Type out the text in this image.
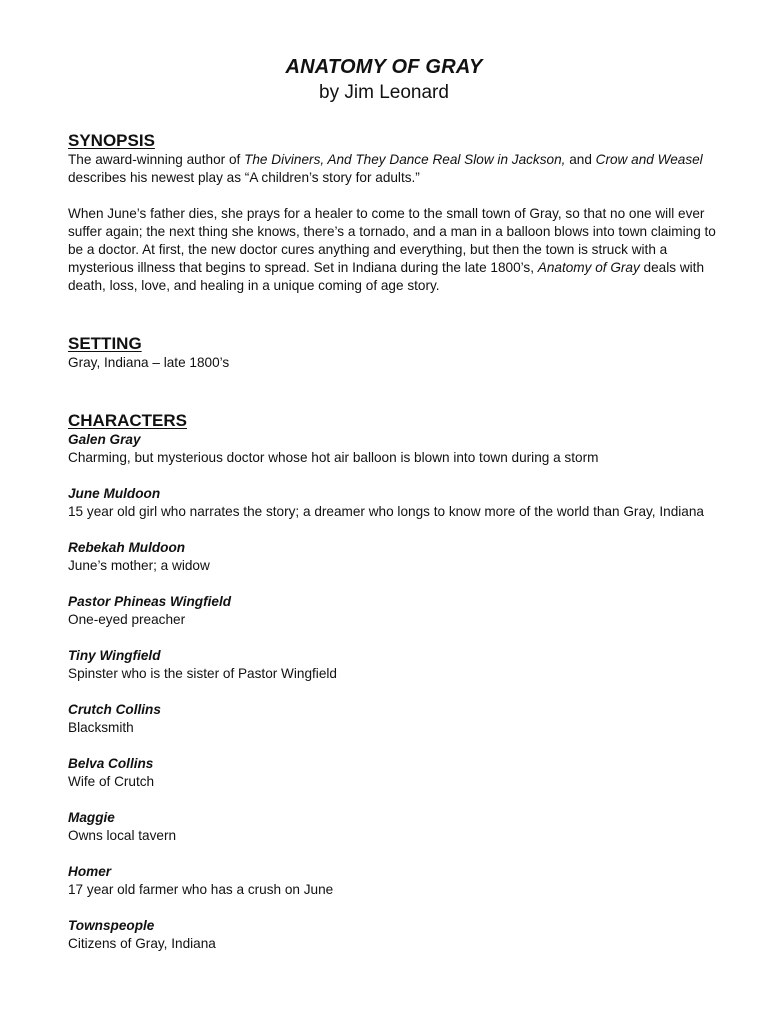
ANATOMY OF GRAY
by Jim Leonard
SYNOPSIS

The award-winning author of The Diviners, And They Dance Real Slow in Jackson, and Crow and Weasel
describes his newest play as “A children’s story for adults.”

When June’s father dies, she prays for a healer to come to the small town of Gray, so that no one will ever suffer again; the next thing she knows, there’s a tornado, and a man in a balloon blows into town claiming to be a doctor. At first, the new doctor cures anything and everything, but then the town is struck with a mysterious illness that begins to spread. Set in Indiana during the late 1800’s, Anatomy of Gray deals with death, loss, love, and healing in a unique coming of age story.

SETTING

Gray, Indiana – late 1800’s

CHARACTERS
Galen Gray
Charming, but mysterious doctor whose hot air balloon is blown into town during a storm
June Muldoon
15 year old girl who narrates the story; a dreamer who longs to know more of the world than Gray, Indiana
Rebekah Muldoon
June’s mother; a widow
Pastor Phineas Wingfield
One-eyed preacher
Tiny Wingfield
Spinster who is the sister of Pastor Wingfield
Crutch Collins
Blacksmith
Belva Collins
Wife of Crutch
Maggie
Owns local tavern
Homer
17 year old farmer who has a crush on June
Townspeople
Citizens of Gray, Indiana
